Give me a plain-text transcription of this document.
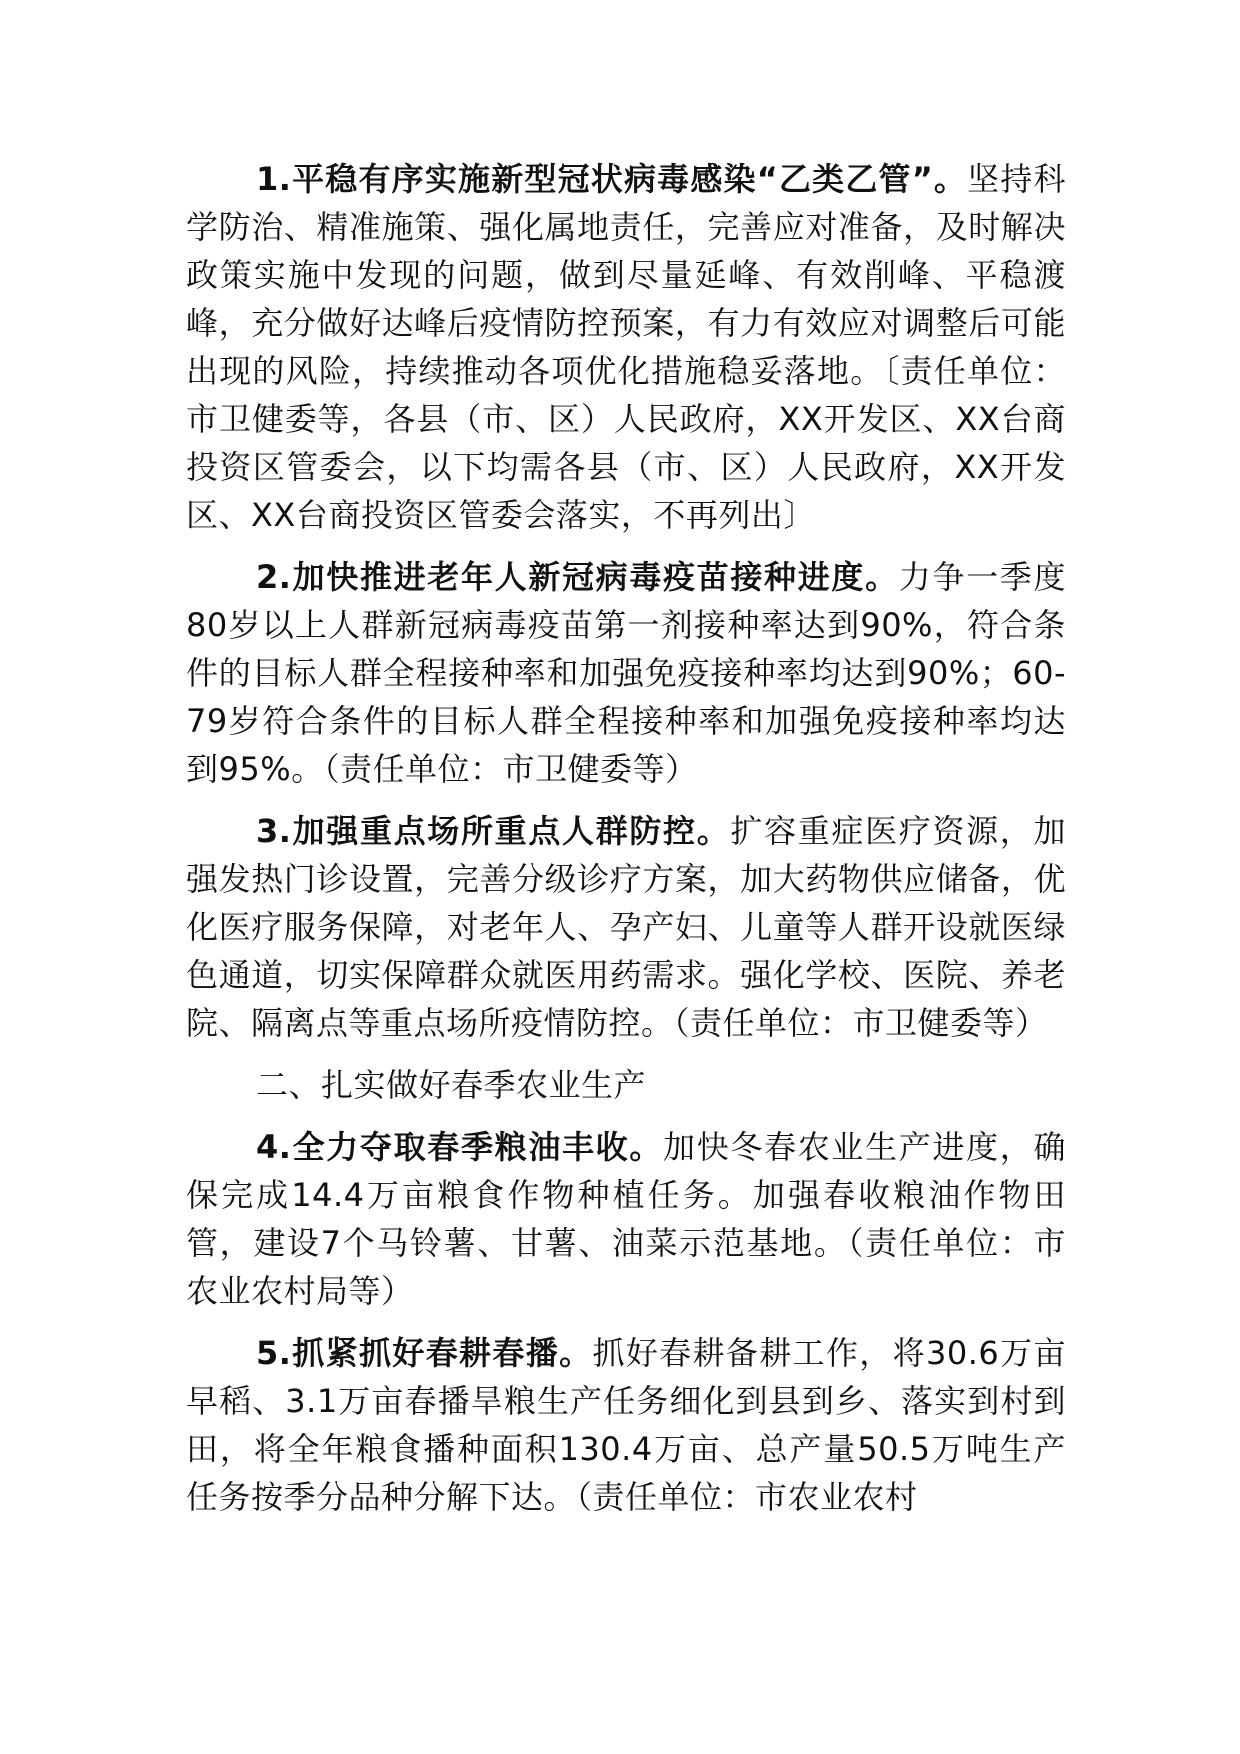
1.平稳有序实施新型冠状病毒感染“乙类乙管”。坚持科学防治、精准施策、强化属地责任，完善应对准备，及时解决政策实施中发现的问题，做到尽量延峰、有效削峰、平稳渡峰，充分做好达峰后疫情防控预案，有力有效应对调整后可能出现的风险，持续推动各项优化措施稳妥落地。〔责任单位：市卫健委等，各县（市、区）人民政府，XX开发区、XX台商投资区管委会，以下均需各县（市、区）人民政府，XX开发区、XX台商投资区管委会落实，不再列出〕

2.加快推进老年人新冠病毒疫苗接种进度。力争一季度80岁以上人群新冠病毒疫苗第一剂接种率达到90%，符合条件的目标人群全程接种率和加强免疫接种率均达到90%；60-79岁符合条件的目标人群全程接种率和加强免疫接种率均达到95%。（责任单位：市卫健委等）

3.加强重点场所重点人群防控。扩容重症医疗资源，加强发热门诊设置，完善分级诊疗方案，加大药物供应储备，优化医疗服务保障，对老年人、孕产妇、儿童等人群开设就医绿色通道，切实保障群众就医用药需求。强化学校、医院、养老院、隔离点等重点场所疫情防控。（责任单位：市卫健委等）

二、扎实做好春季农业生产

4.全力夺取春季粮油丰收。加快冬春农业生产进度，确保完成14.4万亩粮食作物种植任务。加强春收粮油作物田管，建设7个马铃薯、甘薯、油菜示范基地。（责任单位：市农业农村局等）

5.抓紧抓好春耕春播。抓好春耕备耕工作，将30.6万亩早稻、3.1万亩春播旱粮生产任务细化到县到乡、落实到村到田，将全年粮食播种面积130.4万亩、总产量50.5万吨生产任务按季分品种分解下达。（责任单位：市农业农村
